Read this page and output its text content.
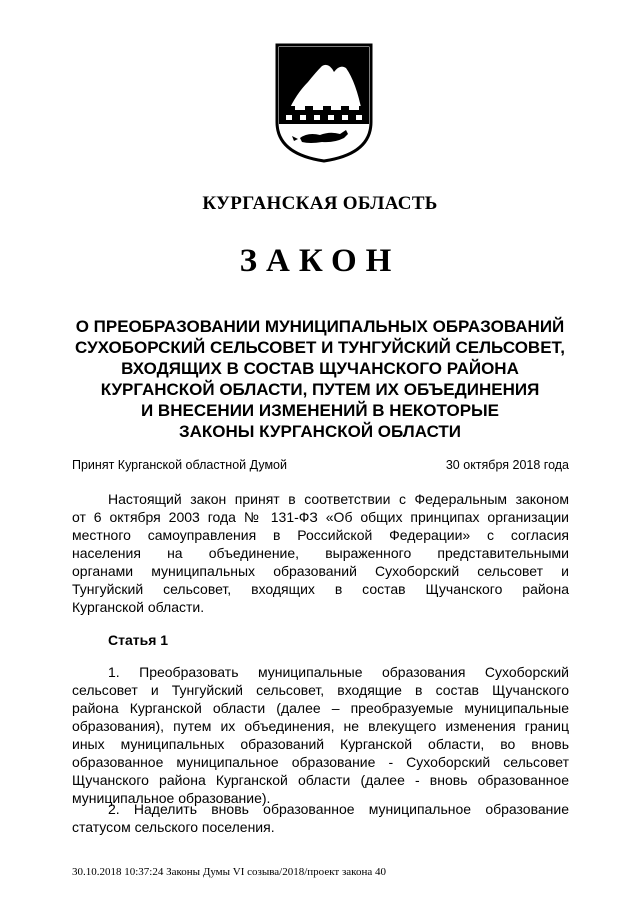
КУРГАНСКАЯ ОБЛАСТЬ
ЗАКОН
О ПРЕОБРАЗОВАНИИ МУНИЦИПАЛЬНЫХ ОБРАЗОВАНИЙ
СУХОБОРСКИЙ СЕЛЬСОВЕТ И ТУНГУЙСКИЙ СЕЛЬСОВЕТ,
ВХОДЯЩИХ В СОСТАВ ЩУЧАНСКОГО РАЙОНА
КУРГАНСКОЙ ОБЛАСТИ, ПУТЕМ ИХ ОБЪЕДИНЕНИЯ
И ВНЕСЕНИИ ИЗМЕНЕНИЙ В НЕКОТОРЫЕ
ЗАКОНЫ КУРГАНСКОЙ ОБЛАСТИ
Принят Курганской областной Думой	30 октября 2018 года

Настоящий закон принят в соответствии с Федеральным законом
от 6 октября 2003 года № 131-ФЗ «Об общих принципах организации
местного самоуправления в Российской Федерации» с согласия
населения на объединение, выраженного представительными
органами муниципальных образований Сухоборский сельсовет и
Тунгуйский сельсовет, входящих в состав Щучанского района
Курганской области.

Статья 1

1. Преобразовать муниципальные образования Сухоборский
сельсовет и Тунгуйский сельсовет, входящие в состав Щучанского
района Курганской области (далее – преобразуемые муниципальные
образования), путем их объединения, не влекущего изменения границ
иных муниципальных образований Курганской области, во вновь
образованное муниципальное образование - Сухоборский сельсовет
Щучанского района Курганской области (далее - вновь образованное
муниципальное образование).

2. Наделить вновь образованное муниципальное образование
статусом сельского поселения.

30.10.2018 10:37:24 Законы Думы VI созыва/2018/проект закона 40
